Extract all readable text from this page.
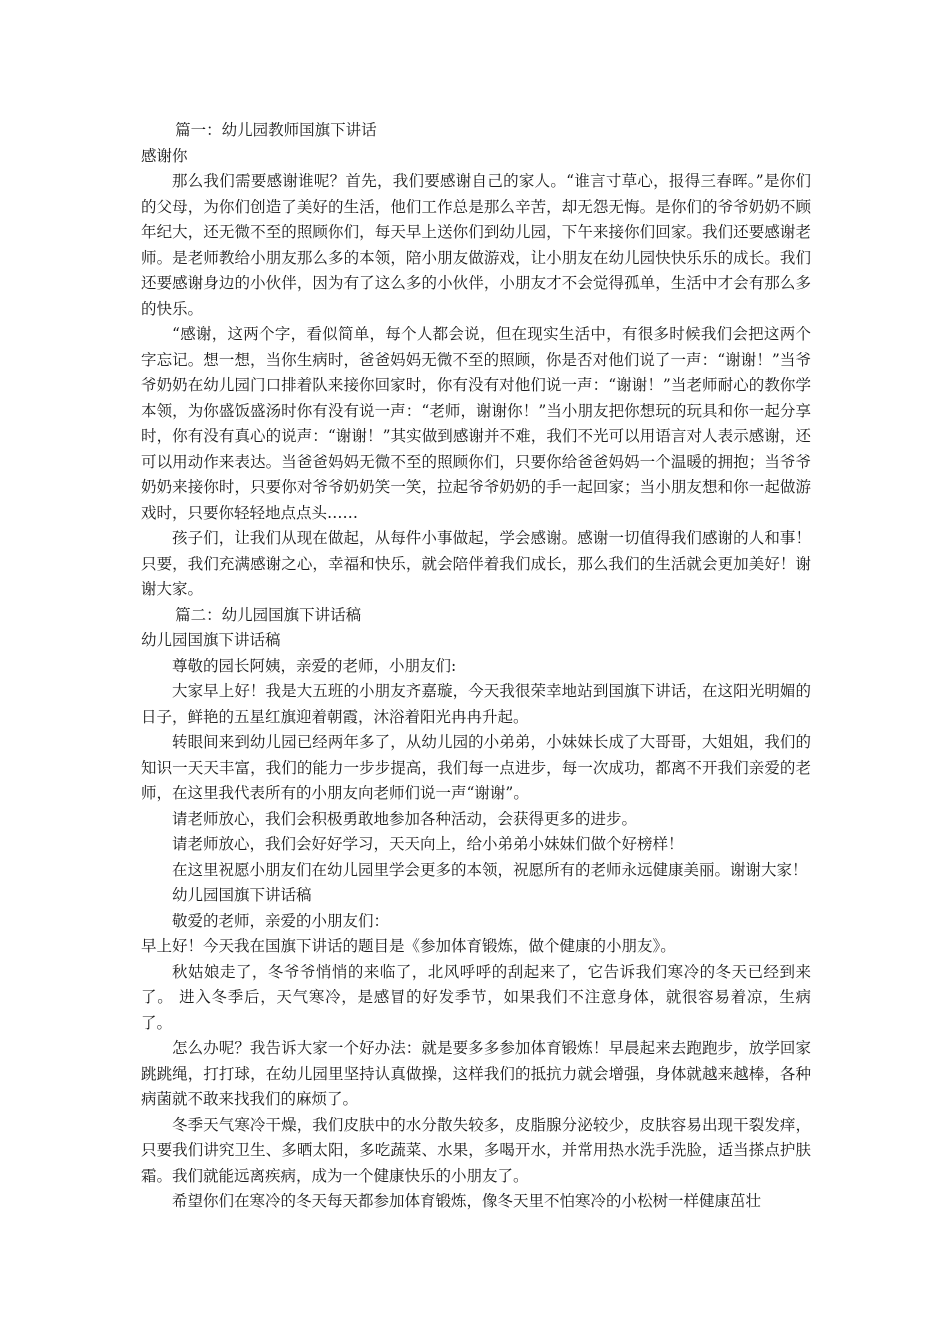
篇一：幼儿园教师国旗下讲话

感谢你

那么我们需要感谢谁呢？首先，我们要感谢自己的家人。“谁言寸草心，报得三春晖。”是你们的父母，为你们创造了美好的生活，他们工作总是那么辛苦，却无怨无悔。是你们的爷爷奶奶不顾年纪大，还无微不至的照顾你们，每天早上送你们到幼儿园，下午来接你们回家。我们还要感谢老师。是老师教给小朋友那么多的本领，陪小朋友做游戏，让小朋友在幼儿园快快乐乐的成长。我们还要感谢身边的小伙伴，因为有了这么多的小伙伴，小朋友才不会觉得孤单，生活中才会有那么多的快乐。

“感谢，这两个字，看似简单，每个人都会说，但在现实生活中，有很多时候我们会把这两个字忘记。想一想，当你生病时，爸爸妈妈无微不至的照顾，你是否对他们说了一声：“谢谢！”当爷爷奶奶在幼儿园门口排着队来接你回家时，你有没有对他们说一声：“谢谢！”当老师耐心的教你学本领，为你盛饭盛汤时你有没有说一声：“老师，谢谢你！”当小朋友把你想玩的玩具和你一起分享时，你有没有真心的说声：“谢谢！”其实做到感谢并不难，我们不光可以用语言对人表示感谢，还可以用动作来表达。当爸爸妈妈无微不至的照顾你们，只要你给爸爸妈妈一个温暖的拥抱；当爷爷奶奶来接你时，只要你对爷爷奶奶笑一笑，拉起爷爷奶奶的手一起回家；当小朋友想和你一起做游戏时，只要你轻轻地点点头……

孩子们，让我们从现在做起，从每件小事做起，学会感谢。感谢一切值得我们感谢的人和事！只要，我们充满感谢之心，幸福和快乐，就会陪伴着我们成长，那么我们的生活就会更加美好！谢谢大家。

篇二：幼儿园国旗下讲话稿

幼儿园国旗下讲话稿

尊敬的园长阿姨，亲爱的老师，小朋友们:

大家早上好！我是大五班的小朋友齐嘉璇，今天我很荣幸地站到国旗下讲话，在这阳光明媚的日子，鲜艳的五星红旗迎着朝霞，沐浴着阳光冉冉升起。

转眼间来到幼儿园已经两年多了，从幼儿园的小弟弟，小妹妹长成了大哥哥，大姐姐，我们的知识一天天丰富，我们的能力一步步提高，我们每一点进步，每一次成功，都离不开我们亲爱的老师，在这里我代表所有的小朋友向老师们说一声“谢谢”。

请老师放心，我们会积极勇敢地参加各种活动，会获得更多的进步。

请老师放心，我们会好好学习，天天向上，给小弟弟小妹妹们做个好榜样！

在这里祝愿小朋友们在幼儿园里学会更多的本领，祝愿所有的老师永远健康美丽。谢谢大家！

幼儿园国旗下讲话稿

敬爱的老师，亲爱的小朋友们：

早上好！今天我在国旗下讲话的题目是《参加体育锻炼，做个健康的小朋友》。

秋姑娘走了，冬爷爷悄悄的来临了，北风呼呼的刮起来了，它告诉我们寒冷的冬天已经到来了。 进入冬季后，天气寒冷，是感冒的好发季节，如果我们不注意身体，就很容易着凉，生病了。

怎么办呢？我告诉大家一个好办法：就是要多多参加体育锻炼！早晨起来去跑跑步，放学回家跳跳绳，打打球，在幼儿园里坚持认真做操，这样我们的抵抗力就会增强，身体就越来越棒，各种病菌就不敢来找我们的麻烦了。

冬季天气寒冷干燥，我们皮肤中的水分散失较多，皮脂腺分泌较少，皮肤容易出现干裂发痒，只要我们讲究卫生、多晒太阳，多吃蔬菜、水果，多喝开水，并常用热水洗手洗脸，适当搽点护肤霜。我们就能远离疾病，成为一个健康快乐的小朋友了。

希望你们在寒冷的冬天每天都参加体育锻炼，像冬天里不怕寒冷的小松树一样健康茁壮
